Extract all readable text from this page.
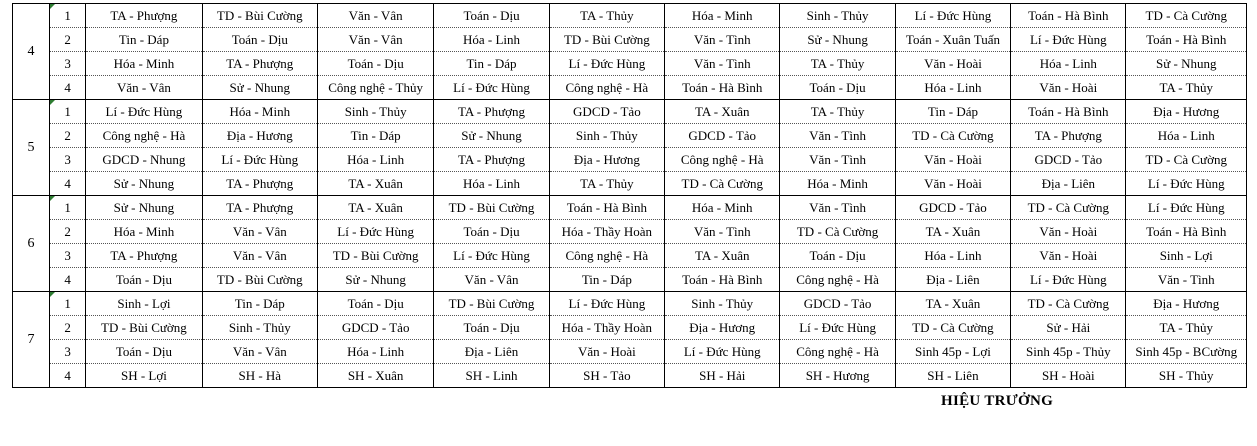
4	1	TA - Phượng	TD - Bùi Cường	Văn - Vân	Toán - Dịu	TA - Thủy	Hóa - Minh	Sinh - Thủy	Lí - Đức Hùng	Toán - Hà Bình	TD - Cà Cường
	2	Tin - Dáp	Toán - Dịu	Văn - Vân	Hóa - Linh	TD - Bùi Cường	Văn - Tình	Sử - Nhung	Toán - Xuân Tuấn	Lí - Đức Hùng	Toán - Hà Bình
	3	Hóa - Minh	TA - Phượng	Toán - Dịu	Tin - Dáp	Lí - Đức Hùng	Văn - Tình	TA - Thủy	Văn - Hoài	Hóa - Linh	Sử - Nhung
	4	Văn - Vân	Sử - Nhung	Công nghệ - Thủy	Lí - Đức Hùng	Công nghệ - Hà	Toán - Hà Bình	Toán - Dịu	Hóa - Linh	Văn - Hoài	TA - Thủy
5	1	Lí - Đức Hùng	Hóa - Minh	Sinh - Thủy	TA - Phượng	GDCD - Tảo	TA - Xuân	TA - Thủy	Tin - Dáp	Toán - Hà Bình	Địa - Hương
	2	Công nghệ - Hà	Địa - Hương	Tin - Dáp	Sử - Nhung	Sinh - Thủy	GDCD - Tảo	Văn - Tình	TD - Cà Cường	TA - Phượng	Hóa - Linh
	3	GDCD - Nhung	Lí - Đức Hùng	Hóa - Linh	TA - Phượng	Địa - Hương	Công nghệ - Hà	Văn - Tình	Văn - Hoài	GDCD - Tảo	TD - Cà Cường
	4	Sử - Nhung	TA - Phượng	TA - Xuân	Hóa - Linh	TA - Thủy	TD - Cà Cường	Hóa - Minh	Văn - Hoài	Địa - Liên	Lí - Đức Hùng
6	1	Sử - Nhung	TA - Phượng	TA - Xuân	TD - Bùi Cường	Toán - Hà Bình	Hóa - Minh	Văn - Tình	GDCD - Tảo	TD - Cà Cường	Lí - Đức Hùng
	2	Hóa - Minh	Văn - Vân	Lí - Đức Hùng	Toán - Dịu	Hóa - Thầy Hoàn	Văn - Tình	TD - Cà Cường	TA - Xuân	Văn - Hoài	Toán - Hà Bình
	3	TA - Phượng	Văn - Vân	TD - Bùi Cường	Lí - Đức Hùng	Công nghệ - Hà	TA - Xuân	Toán - Dịu	Hóa - Linh	Văn - Hoài	Sinh - Lợi
	4	Toán - Dịu	TD - Bùi Cường	Sử - Nhung	Văn - Vân	Tin - Dáp	Toán - Hà Bình	Công nghệ - Hà	Địa - Liên	Lí - Đức Hùng	Văn - Tình
7	1	Sinh - Lợi	Tin - Dáp	Toán - Dịu	TD - Bùi Cường	Lí - Đức Hùng	Sinh - Thủy	GDCD - Tảo	TA - Xuân	TD - Cà Cường	Địa - Hương
	2	TD - Bùi Cường	Sinh - Thủy	GDCD - Tảo	Toán - Dịu	Hóa - Thầy Hoàn	Địa - Hương	Lí - Đức Hùng	TD - Cà Cường	Sử - Hải	TA - Thủy
	3	Toán - Dịu	Văn - Vân	Hóa - Linh	Địa - Liên	Văn - Hoài	Lí - Đức Hùng	Công nghệ - Hà	Sinh 45p - Lợi	Sinh 45p - Thủy	Sinh 45p - BCường
	4	SH - Lợi	SH - Hà	SH - Xuân	SH - Linh	SH - Tảo	SH - Hải	SH - Hương	SH - Liên	SH - Hoài	SH - Thủy
HIỆU TRƯỞNG
